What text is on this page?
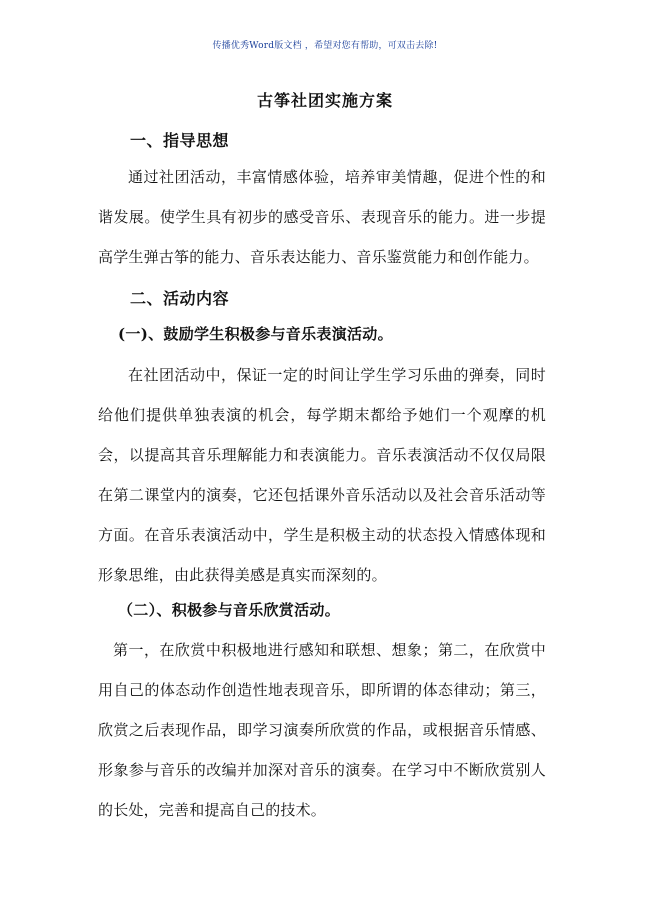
传播优秀Word版文档 ，希望对您有帮助，可双击去除!
古筝社团实施方案
一、指导思想
通过社团活动，丰富情感体验，培养审美情趣，促进个性的和谐发展。使学生具有初步的感受音乐、表现音乐的能力。进一步提高学生弹古筝的能力、音乐表达能力、音乐鉴赏能力和创作能力。
二、活动内容
(一)、鼓励学生积极参与音乐表演活动。
在社团活动中，保证一定的时间让学生学习乐曲的弹奏，同时给他们提供单独表演的机会，每学期末都给予她们一个观摩的机会，以提高其音乐理解能力和表演能力。音乐表演活动不仅仅局限在第二课堂内的演奏，它还包括课外音乐活动以及社会音乐活动等方面。在音乐表演活动中，学生是积极主动的状态投入情感体现和形象思维，由此获得美感是真实而深刻的。
（二）、积极参与音乐欣赏活动。
第一，在欣赏中积极地进行感知和联想、想象；第二，在欣赏中用自己的体态动作创造性地表现音乐，即所谓的体态律动；第三，欣赏之后表现作品，即学习演奏所欣赏的作品，或根据音乐情感、形象参与音乐的改编并加深对音乐的演奏。在学习中不断欣赏别人的长处，完善和提高自己的技术。
